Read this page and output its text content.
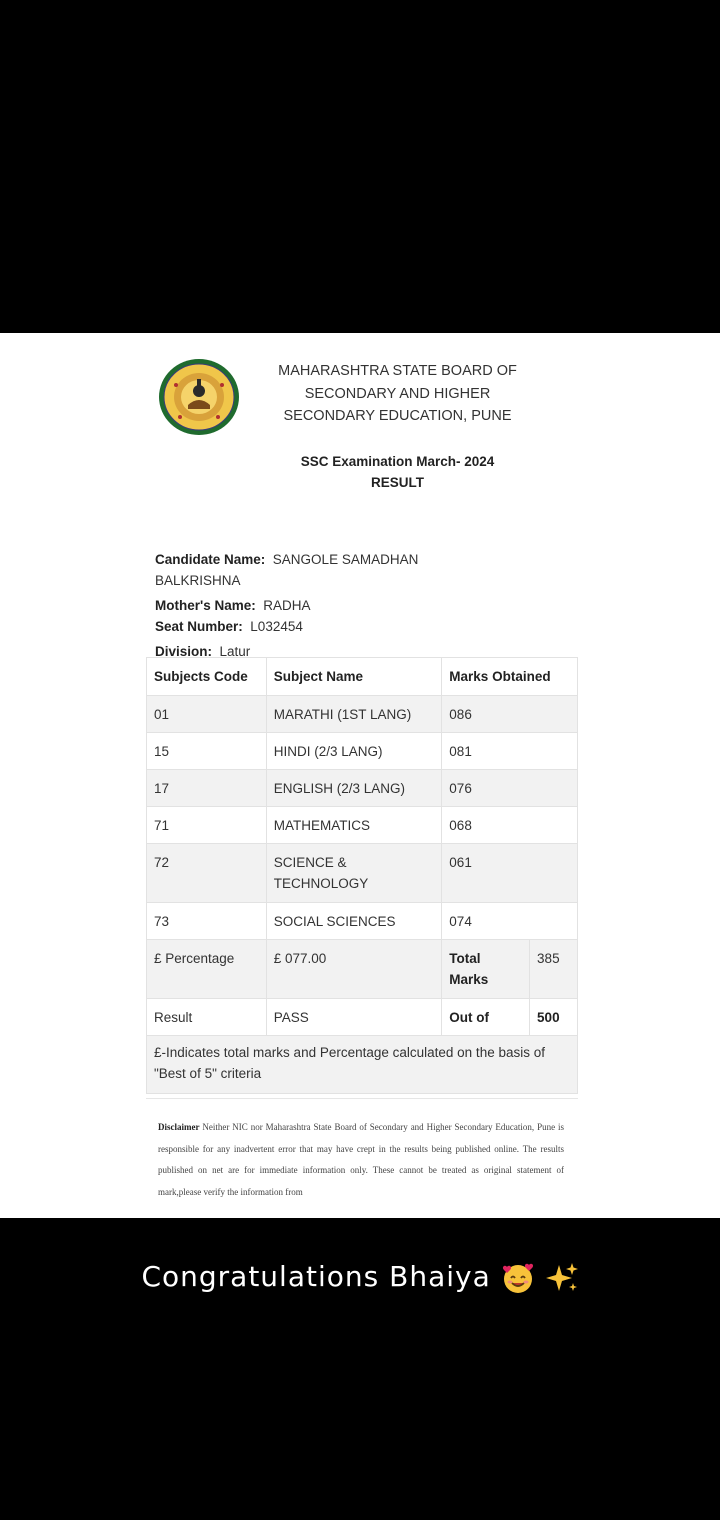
MAHARASHTRA STATE BOARD OF
SECONDARY AND HIGHER
SECONDARY EDUCATION, PUNE
SSC Examination March- 2024
RESULT
Candidate Name: SANGOLE SAMADHAN
BALKRISHNA
Mother's Name: RADHA
Seat Number: L032454
Division: Latur
Subjects Code	Subject Name	Marks Obtained	
01	MARATHI (1ST LANG)	086	
15	HINDI (2/3 LANG)	081	
17	ENGLISH (2/3 LANG)	076	
71	MATHEMATICS	068	
72	SCIENCE &
TECHNOLOGY	061	
73	SOCIAL SCIENCES	074	
£ Percentage	£ 077.00	Total
Marks	385
Result	PASS	Out of	500

£-Indicates total marks and Percentage calculated on the basis of
"Best of 5" criteria			
Disclaimer Neither NIC nor Maharashtra State Board of Secondary and Higher Secondary Education, Pune is responsible for any inadvertent error that may have crept in the results being published online. The results published on net are for immediate information only. These cannot be treated as original statement of mark,please verify the information from
Congratulations Bhaiya
